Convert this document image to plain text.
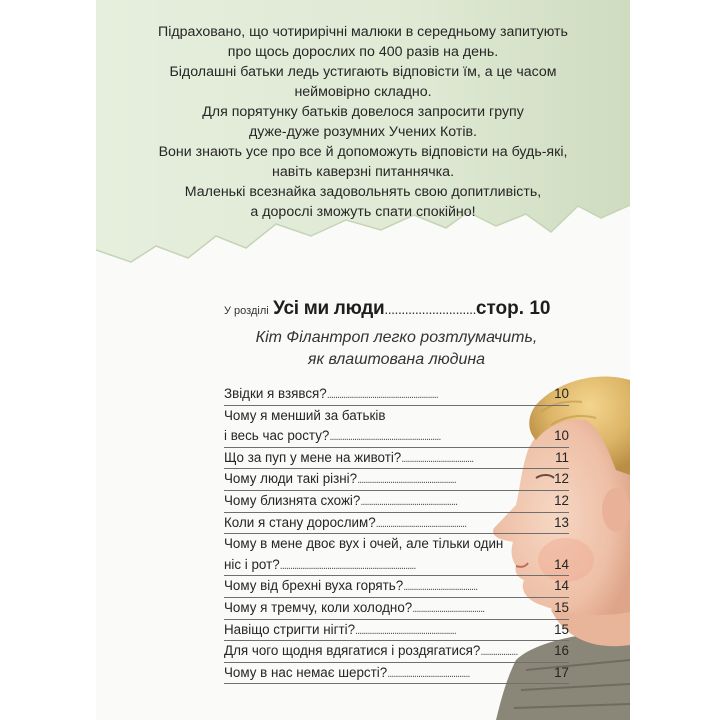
Підраховано, що чотирирічні малюки в середньому запитують
про щось дорослих по 400 разів на день.
Бідолашні батьки ледь устигають відповісти їм, а це часом
неймовірно складно.
Для порятунку батьків довелося запросити групу
дуже-дуже розумних Учених Котів.
Вони знають усе про все й допоможуть відповісти на будь-які,
навіть каверзні питаннячка.
Маленькі всезнайка задовольнять свою допитливість,
а дорослі зможуть спати спокійно!
У розділі Усі ми люди...........................стор. 10
Кіт Філантроп легко розтлумачить,
як влаштована людина
Звідки я взявся?......................................................	10
Чому я менший за батьків
і весь час росту?......................................................	10
Що за пуп у мене на животі?...................................	11
Чому люди такі різні?................................................	12
Чому близнята схожі?...............................................	12
Коли я стану дорослим?............................................	13
Чому в мене двоє вух і очей, але тільки один
ніс і рот?..................................................................	14
Чому від брехні вуха горять?....................................	14
Чому я тремчу, коли холодно?...................................	15
Навіщо стригти нігті?.................................................	15
Для чого щодня вдягатися і роздягатися?..................	16
Чому в нас немає шерсті?........................................	17
